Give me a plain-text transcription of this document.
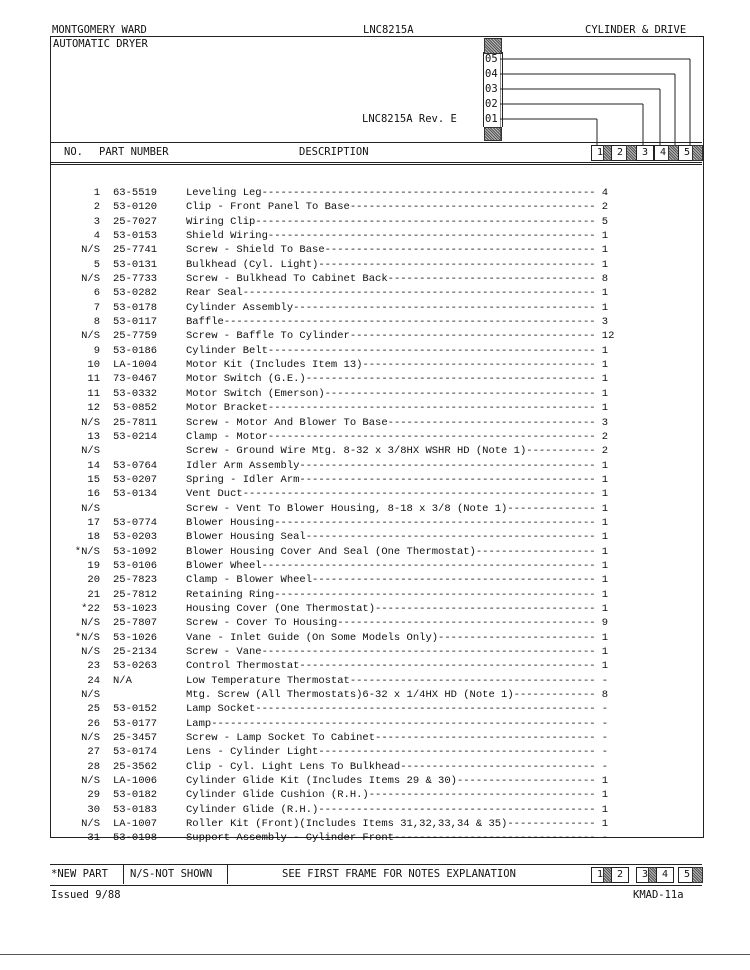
MONTGOMERY WARD	LNC8215A	CYLINDER & DRIVE
AUTOMATIC DRYER
05
04
03
02
01
LNC8215A Rev. E
NO. PART NUMBER	DESCRIPTION	1	2	3	4	5
1 63-5519	Leveling Leg----------------------------------------------------- 4
2 53-0120	Clip - Front Panel To Base--------------------------------------- 2
3 25-7027	Wiring Clip------------------------------------------------------ 5
4 53-0153	Shield Wiring---------------------------------------------------- 1
N/S 25-7741	Screw - Shield To Base------------------------------------------- 1
5 53-0131	Bulkhead (Cyl. Light)-------------------------------------------- 1
N/S 25-7733	Screw - Bulkhead To Cabinet Back--------------------------------- 8
6 53-0282	Rear Seal-------------------------------------------------------- 1
7 53-0178	Cylinder Assembly------------------------------------------------ 1
8 53-0117	Baffle----------------------------------------------------------- 3
N/S 25-7759	Screw - Baffle To Cylinder--------------------------------------- 12
9 53-0186	Cylinder Belt---------------------------------------------------- 1
10 LA-1004	Motor Kit (Includes Item 13)------------------------------------- 1
11 73-0467	Motor Switch (G.E.)---------------------------------------------- 1
11 53-0332	Motor Switch (Emerson)------------------------------------------- 1
12 53-0852	Motor Bracket---------------------------------------------------- 1
N/S 25-7811	Screw - Motor And Blower To Base--------------------------------- 3
13 53-0214	Clamp - Motor---------------------------------------------------- 2
N/S	Screw - Ground Wire Mtg. 8-32 x 3/8HX WSHR HD (Note 1)----------- 2
14 53-0764	Idler Arm Assembly----------------------------------------------- 1
15 53-0207	Spring - Idler Arm----------------------------------------------- 1
16 53-0134	Vent Duct-------------------------------------------------------- 1
N/S	Screw - Vent To Blower Housing, 8-18 x 3/8 (Note 1)-------------- 1
17 53-0774	Blower Housing--------------------------------------------------- 1
18 53-0203	Blower Housing Seal---------------------------------------------- 1
*N/S 53-1092	Blower Housing Cover And Seal (One Thermostat)------------------- 1
19 53-0106	Blower Wheel----------------------------------------------------- 1
20 25-7823	Clamp - Blower Wheel--------------------------------------------- 1
21 25-7812	Retaining Ring--------------------------------------------------- 1
*22 53-1023	Housing Cover (One Thermostat)----------------------------------- 1
N/S 25-7807	Screw - Cover To Housing----------------------------------------- 9
*N/S 53-1026	Vane - Inlet Guide (On Some Models Only)------------------------- 1
N/S 25-2134	Screw - Vane----------------------------------------------------- 1
23 53-0263	Control Thermostat----------------------------------------------- 1
24 N/A	Low Temperature Thermostat--------------------------------------- -
N/S	Mtg. Screw (All Thermostats)6-32 x 1/4HX HD (Note 1)------------- 8
25 53-0152	Lamp Socket------------------------------------------------------ -
26 53-0177	Lamp------------------------------------------------------------- -
N/S 25-3457	Screw - Lamp Socket To Cabinet----------------------------------- -
27 53-0174	Lens - Cylinder Light-------------------------------------------- -
28 25-3562	Clip - Cyl. Light Lens To Bulkhead------------------------------- -
N/S LA-1006	Cylinder Glide Kit (Includes Items 29 & 30)---------------------- 1
29 53-0182	Cylinder Glide Cushion (R.H.)------------------------------------ 1
30 53-0183	Cylinder Glide (R.H.)-------------------------------------------- 1
N/S LA-1007	Roller Kit (Front)(Includes Items 31,32,33,34 & 35)-------------- 1
31 53-0198	Support Assembly - Cylinder Front-------------------------------- -
*NEW PART N/S-NOT SHOWN	SEE FIRST FRAME FOR NOTES EXPLANATION	1	2	3	4	5
Issued 9/88	KMAD-11a
